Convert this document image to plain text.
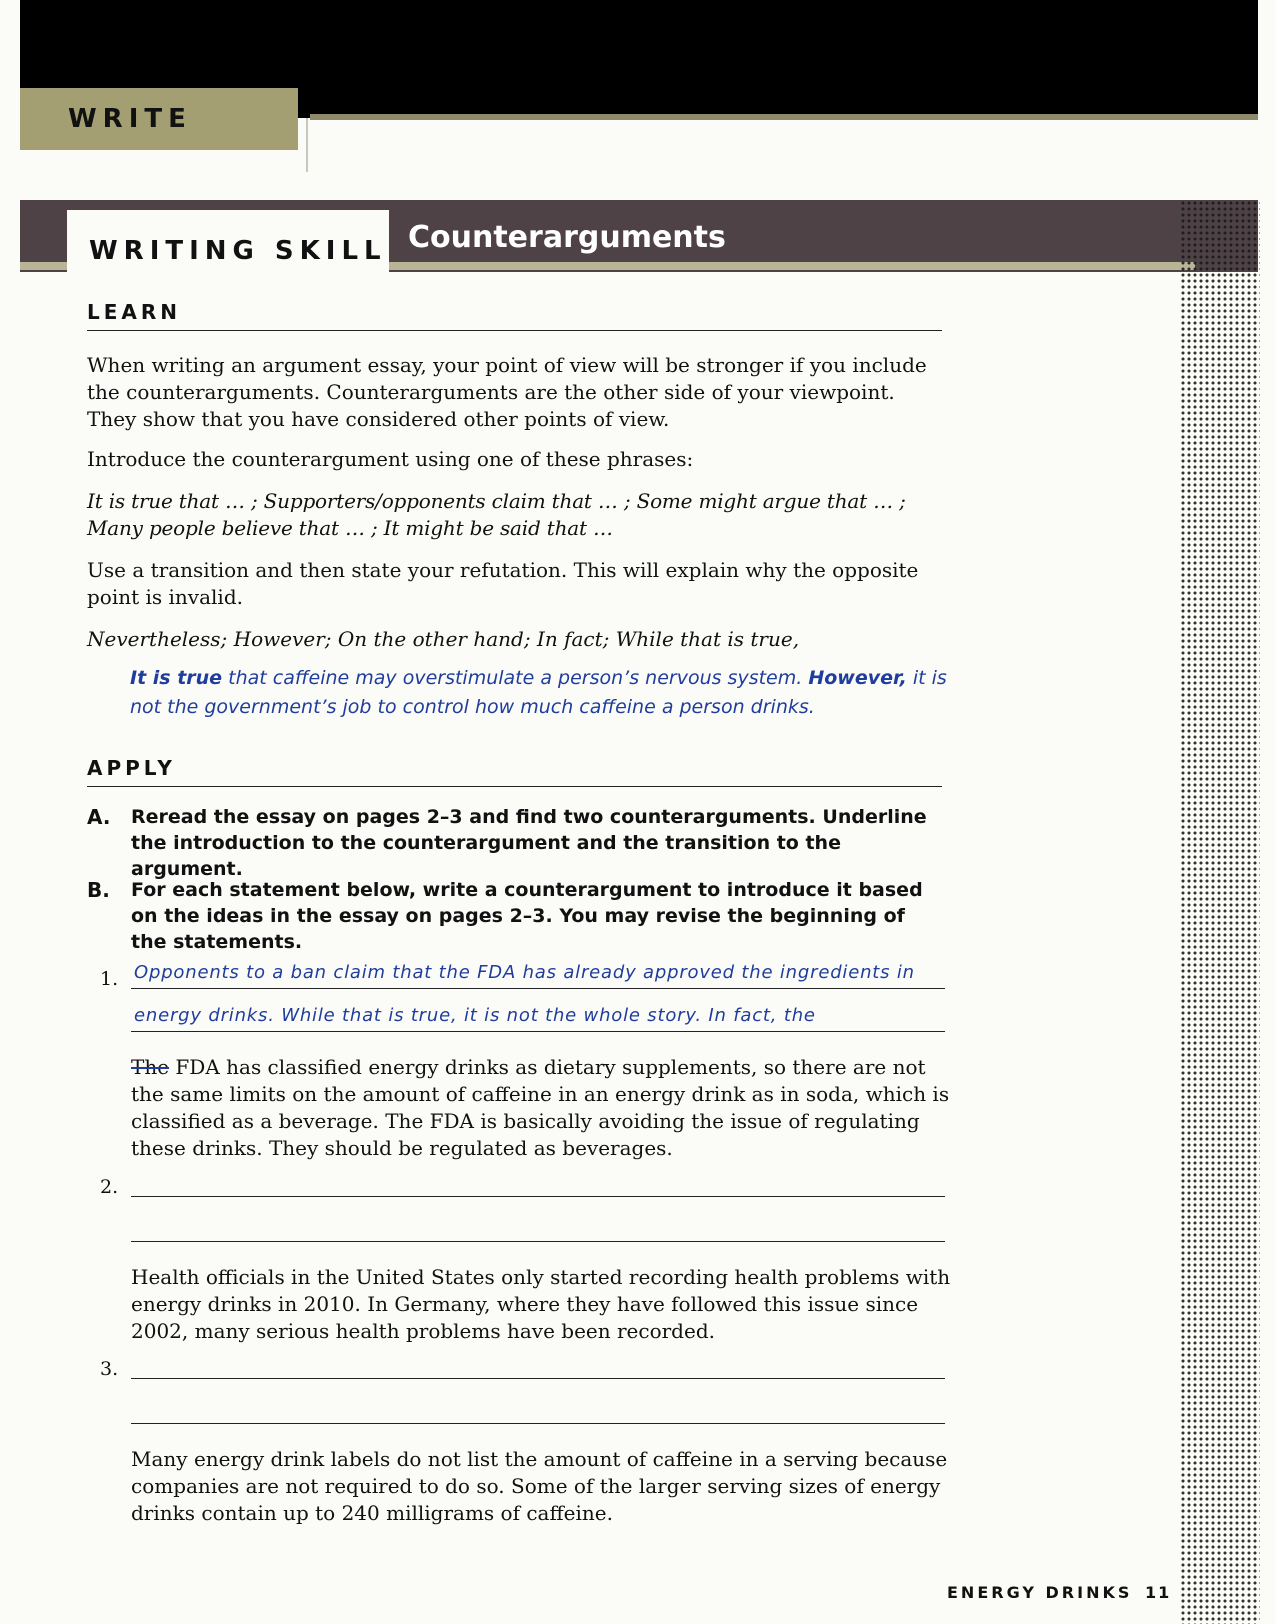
WRITE
WRITING SKILL Counterarguments
LEARN

When writing an argument essay, your point of view will be stronger if you include the counterarguments. Counterarguments are the other side of your viewpoint. They show that you have considered other points of view.

Introduce the counterargument using one of these phrases:

It is true that … ; Supporters/opponents claim that … ; Some might argue that … ; Many people believe that … ; It might be said that …

Use a transition and then state your refutation. This will explain why the opposite point is invalid.

Nevertheless; However; On the other hand; In fact; While that is true,

It is true that caffeine may overstimulate a person’s nervous system. However, it is not the government’s job to control how much caffeine a person drinks.

APPLY
A. Reread the essay on pages 2–3 and find two counterarguments. Underline the introduction to the counterargument and the transition to the argument.
B. For each statement below, write a counterargument to introduce it based on the ideas in the essay on pages 2–3. You may revise the beginning of the statements.
1. Opponents to a ban claim that the FDA has already approved the ingredients in
energy drinks. While that is true, it is not the whole story. In fact, the

The FDA has classified energy drinks as dietary supplements, so there are not the same limits on the amount of caffeine in an energy drink as in soda, which is classified as a beverage. The FDA is basically avoiding the issue of regulating these drinks. They should be regulated as beverages.

2.

Health officials in the United States only started recording health problems with energy drinks in 2010. In Germany, where they have followed this issue since 2002, many serious health problems have been recorded.

3.

Many energy drink labels do not list the amount of caffeine in a serving because companies are not required to do so. Some of the larger serving sizes of energy drinks contain up to 240 milligrams of caffeine.

ENERGY DRINKS 11
